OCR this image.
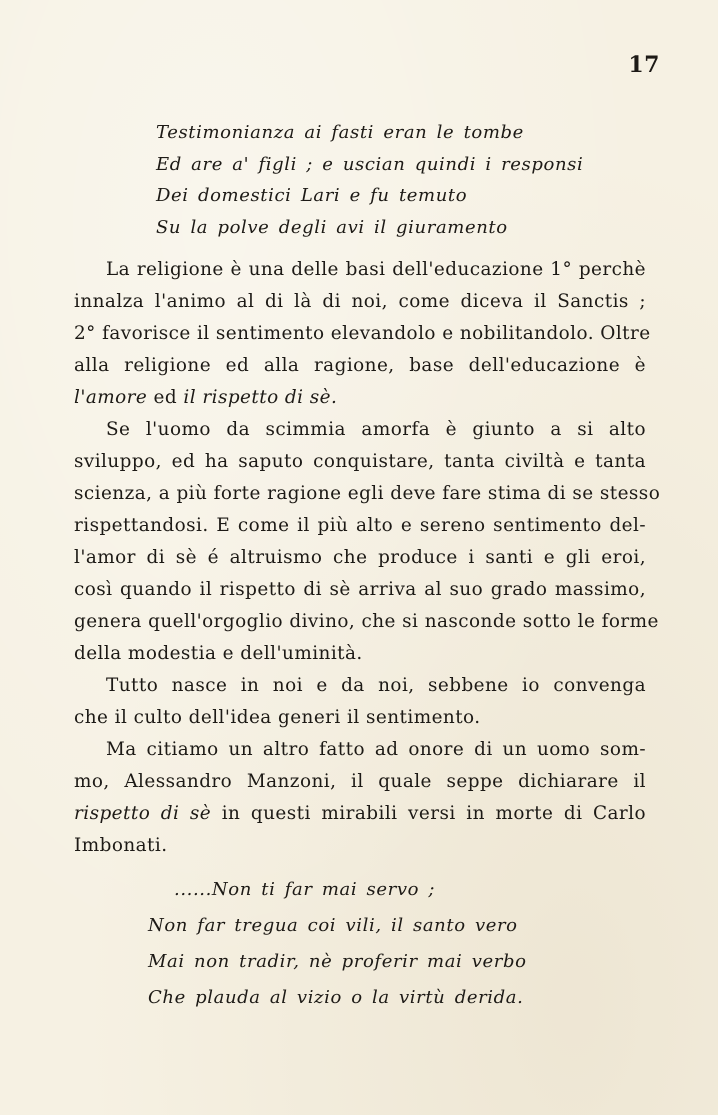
17
Testimonianza ai fasti eran le tombe
Ed are a' figli ; e uscian quindi i responsi
Dei domestici Lari e fu temuto
Su la polve degli avi il giuramento
La religione è una delle basi dell'educazione 1° perchè
innalza l'animo al di là di noi, come diceva il Sanctis ;
2° favorisce il sentimento elevandolo e nobilitandolo. Oltre
alla religione ed alla ragione, base dell'educazione è
l'amore ed il rispetto di sè.
Se l'uomo da scimmia amorfa è giunto a si alto
sviluppo, ed ha saputo conquistare, tanta civiltà e tanta
scienza, a più forte ragione egli deve fare stima di se stesso
rispettandosi. E come il più alto e sereno sentimento del-
l'amor di sè é altruismo che produce i santi e gli eroi,
così quando il rispetto di sè arriva al suo grado massimo,
genera quell'orgoglio divino, che si nasconde sotto le forme
della modestia e dell'uminità.
Tutto nasce in noi e da noi, sebbene io convenga
che il culto dell'idea generi il sentimento.
Ma citiamo un altro fatto ad onore di un uomo som-
mo, Alessandro Manzoni, il quale seppe dichiarare il
rispetto di sè in questi mirabili versi in morte di Carlo
Imbonati.
......Non ti far mai servo ;
Non far tregua coi vili, il santo vero
Mai non tradir, nè proferir mai verbo
Che plauda al vizio o la virtù derida.
